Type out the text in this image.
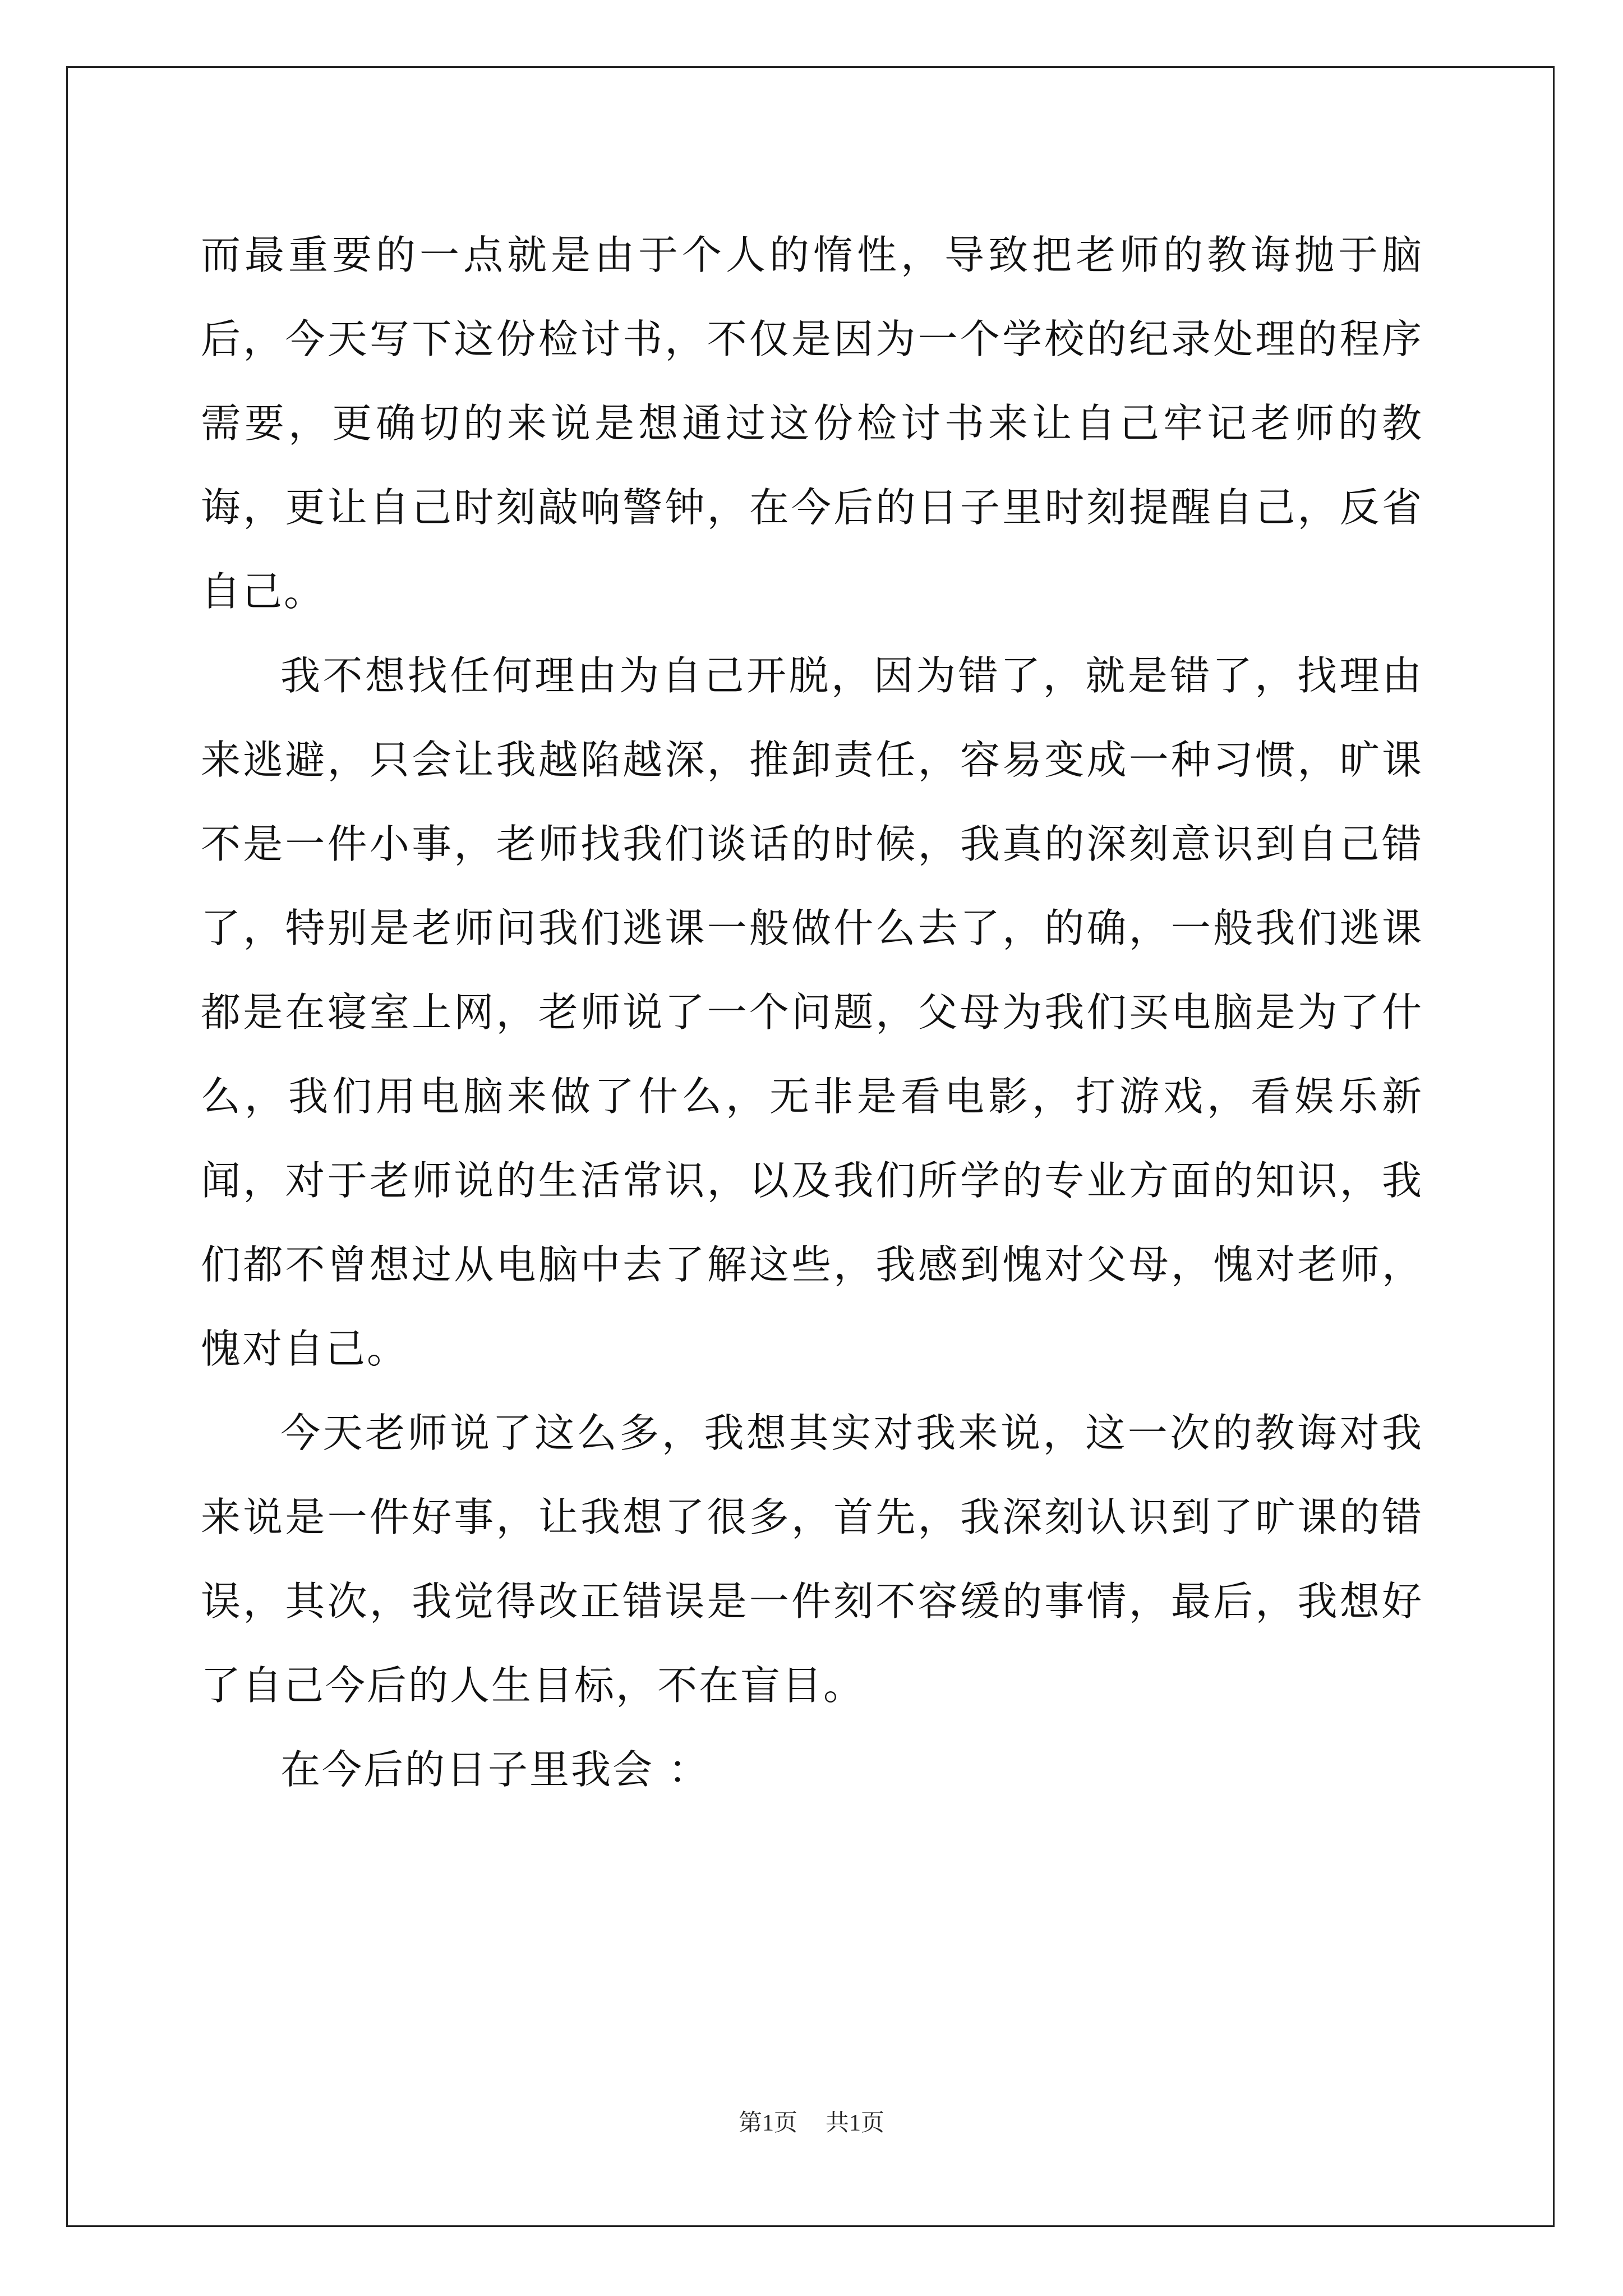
而最重要的一点就是由于个人的惰性，导致把老师的教诲抛于脑后，今天写下这份检讨书，不仅是因为一个学校的纪录处理的程序需要，更确切的来说是想通过这份检讨书来让自己牢记老师的教诲，更让自己时刻敲响警钟，在今后的日子里时刻提醒自己，反省自己。

我不想找任何理由为自己开脱，因为错了，就是错了，找理由来逃避，只会让我越陷越深，推卸责任，容易变成一种习惯，旷课不是一件小事，老师找我们谈话的时候，我真的深刻意识到自己错了，特别是老师问我们逃课一般做什么去了，的确，一般我们逃课都是在寝室上网，老师说了一个问题，父母为我们买电脑是为了什么，我们用电脑来做了什么，无非是看电影，打游戏，看娱乐新闻，对于老师说的生活常识，以及我们所学的专业方面的知识，我们都不曾想过从电脑中去了解这些，我感到愧对父母，愧对老师，愧对自己。

今天老师说了这么多，我想其实对我来说，这一次的教诲对我来说是一件好事，让我想了很多，首先，我深刻认识到了旷课的错误，其次，我觉得改正错误是一件刻不容缓的事情，最后，我想好了自己今后的人生目标，不在盲目。

在今后的日子里我会 ：

第1页 共1页
